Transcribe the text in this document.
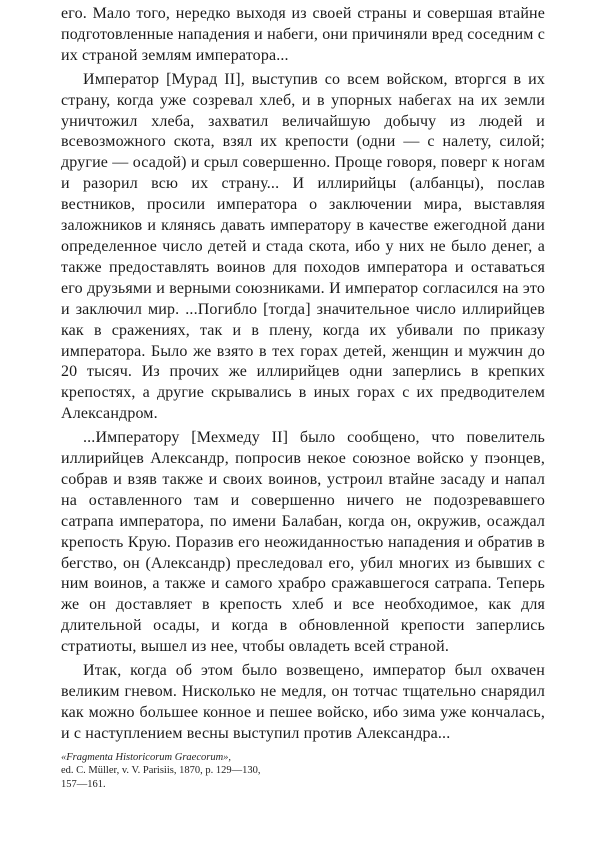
его. Мало того, нередко выходя из своей страны и совершая втайне подготовленные нападения и набеги, они причиняли вред соседним с их страной землям императора...

Император [Мурад II], выступив со всем войском, вторгся в их страну, когда уже созревал хлеб, и в упорных набегах на их земли уничтожил хлеба, захватил величайшую добычу из людей и всевозможного скота, взял их крепости (одни — с налету, силой; другие — осадой) и срыл совершенно. Проще говоря, поверг к ногам и разорил всю их страну... И иллирийцы (албанцы), послав вестников, просили императора о заключении мира, выставляя заложников и клянясь давать императору в качестве ежегодной дани определенное число детей и стада скота, ибо у них не было денег, а также предоставлять воинов для походов императора и оставаться его друзьями и верными союзниками. И император согласился на это и заключил мир. ...Погибло [тогда] значительное число иллирийцев как в сражениях, так и в плену, когда их убивали по приказу императора. Было же взято в тех горах детей, женщин и мужчин до 20 тысяч. Из прочих же иллирийцев одни заперлись в крепких крепостях, а другие скрывались в иных горах с их предводителем Александром.

...Императору [Мехмеду II] было сообщено, что повелитель иллирийцев Александр, попросив некое союзное войско у пэонцев, собрав и взяв также и своих воинов, устроил втайне засаду и напал на оставленного там и совершенно ничего не подозревавшего сатрапа императора, по имени Балабан, когда он, окружив, осаждал крепость Крую. Поразив его неожиданностью нападения и обратив в бегство, он (Александр) преследовал его, убил многих из бывших с ним воинов, а также и самого храбро сражавшегося сатрапа. Теперь же он доставляет в крепость хлеб и все необходимое, как для длительной осады, и когда в обновленной крепости заперлись стратиоты, вышел из нее, чтобы овладеть всей страной.

Итак, когда об этом было возвещено, император был охвачен великим гневом. Нисколько не медля, он тотчас тщательно снарядил как можно большее конное и пешее войско, ибо зима уже кончалась, и с наступлением весны выступил против Александра...

«Fragmenta Historicorum Graecorum»,
ed. C. Müller, v. V. Parisiis, 1870, p. 129—130,
157—161.
